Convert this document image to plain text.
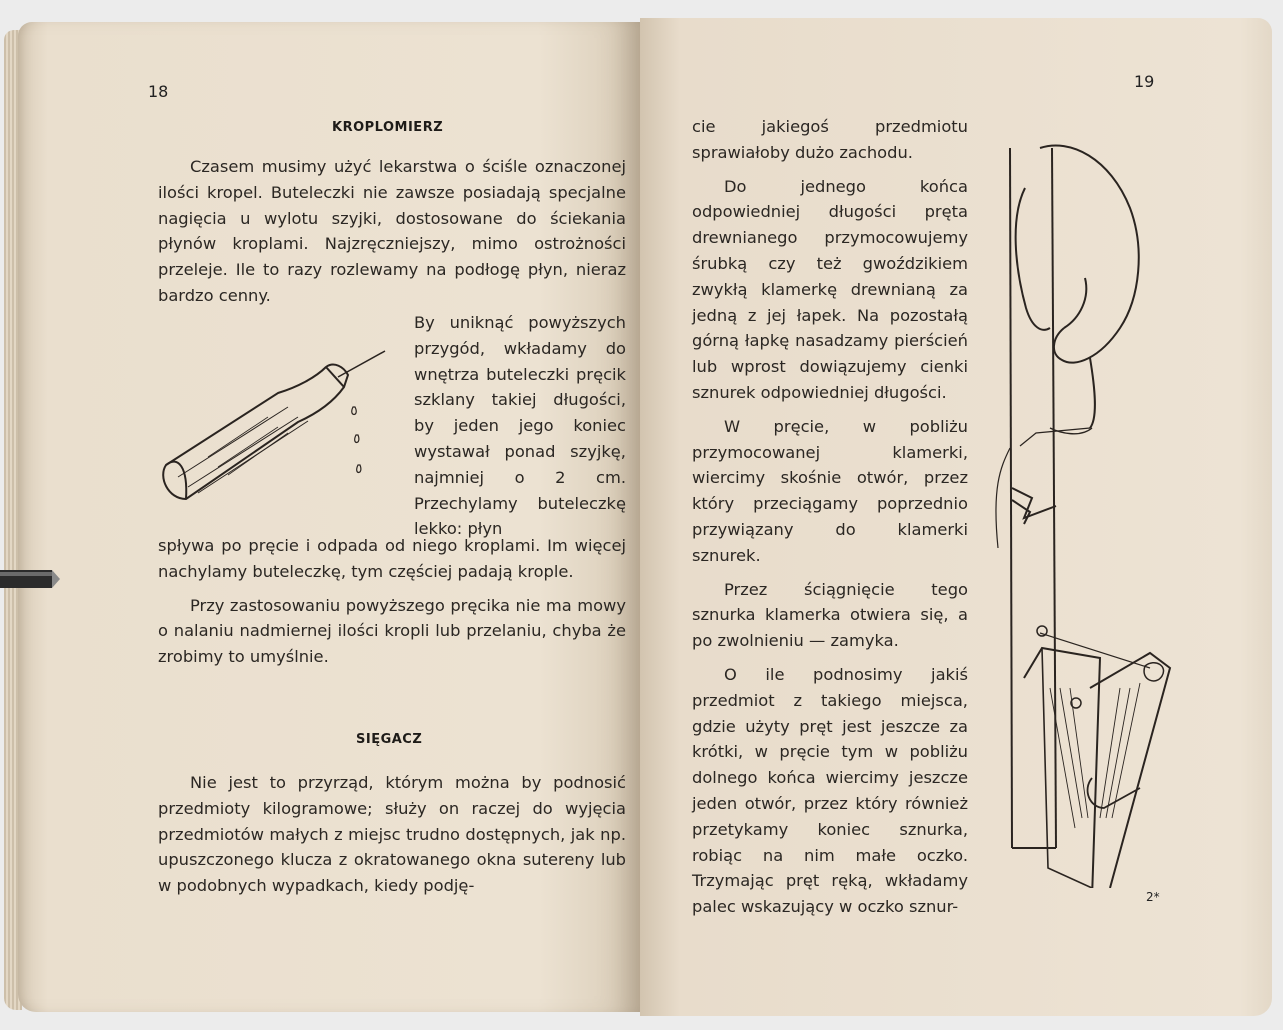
18
KROPLOMIERZ

Czasem musimy użyć lekarstwa o ściśle oznaczonej ilości kropel. Buteleczki nie zawsze posiadają specjalne nagięcia u wylotu szyjki, dostosowane do ściekania płynów kroplami. Najzręczniejszy, mimo ostrożności przeleje. Ile to razy rozlewamy na podłogę płyn, nieraz bardzo cenny.

By uniknąć powyższych przygód, wkładamy do wnętrza buteleczki pręcik szklany takiej długości, by jeden jego koniec wystawał ponad szyjkę, najmniej o 2 cm. Przechylamy buteleczkę lekko: płyn

spływa po pręcie i odpada od niego kroplami. Im więcej nachylamy buteleczkę, tym częściej padają krople.

Przy zastosowaniu powyższego pręcika nie ma mowy o nalaniu nadmiernej ilości kropli lub przelaniu, chyba że zrobimy to umyślnie.

SIĘGACZ

Nie jest to przyrząd, którym można by podnosić przedmioty kilogramowe; służy on raczej do wyjęcia przedmiotów małych z miejsc trudno dostępnych, jak np. upuszczonego klucza z okratowanego okna sutereny lub w podobnych wypadkach, kiedy podję-

19

cie jakiegoś przedmiotu sprawiałoby dużo zachodu.

Do jednego końca odpowiedniej długości pręta drewnianego przymocowujemy śrubką czy też gwoździkiem zwykłą klamerkę drewnianą za jedną z jej łapek. Na pozostałą górną łapkę nasadzamy pierścień lub wprost dowiązujemy cienki sznurek odpowiedniej długości.

W pręcie, w pobliżu przymocowanej klamerki, wiercimy skośnie otwór, przez który przeciągamy poprzednio przywiązany do klamerki sznurek.

Przez ściągnięcie tego sznurka klamerka otwiera się, a po zwolnieniu — zamyka.

O ile podnosimy jakiś przedmiot z takiego miejsca, gdzie użyty pręt jest jeszcze za krótki, w pręcie tym w pobliżu dolnego końca wiercimy jeszcze jeden otwór, przez który również przetykamy koniec sznurka, robiąc na nim małe oczko. Trzymając pręt ręką, wkładamy palec wskazujący w oczko sznur-

2*
